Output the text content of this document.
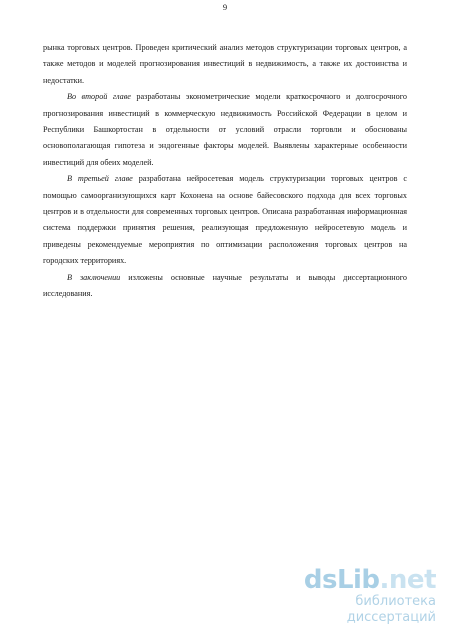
9

рынка торговых центров. Проведен критический анализ методов структуризации торговых центров, а также методов и моделей прогнозирования инвестиций в недвижимость, а также их достоинства и недостатки.

Во второй главе разработаны эконометрические модели краткосрочного и долгосрочного прогнозирования инвестиций в коммерческую недвижимость Российской Федерации в целом и Республики Башкортостан в отдельности от условий отрасли торговли и обоснованы основополагающая гипотеза и эндогенные факторы моделей. Выявлены характерные особенности инвестиций для обеих моделей.

В третьей главе разработана нейросетевая модель структуризации торговых центров с помощью самоорганизующихся карт Кохонена на основе байесовского подхода для всех торговых центров и в отдельности для современных торговых центров. Описана разработанная информационная система поддержки принятия решения, реализующая предложенную нейросетевую модель и приведены рекомендуемые мероприятия по оптимизации расположения торговых центров на городских территориях.

В заключении изложены основные научные результаты и выводы диссертационного исследования.

dsLib.net
библиотека диссертаций
